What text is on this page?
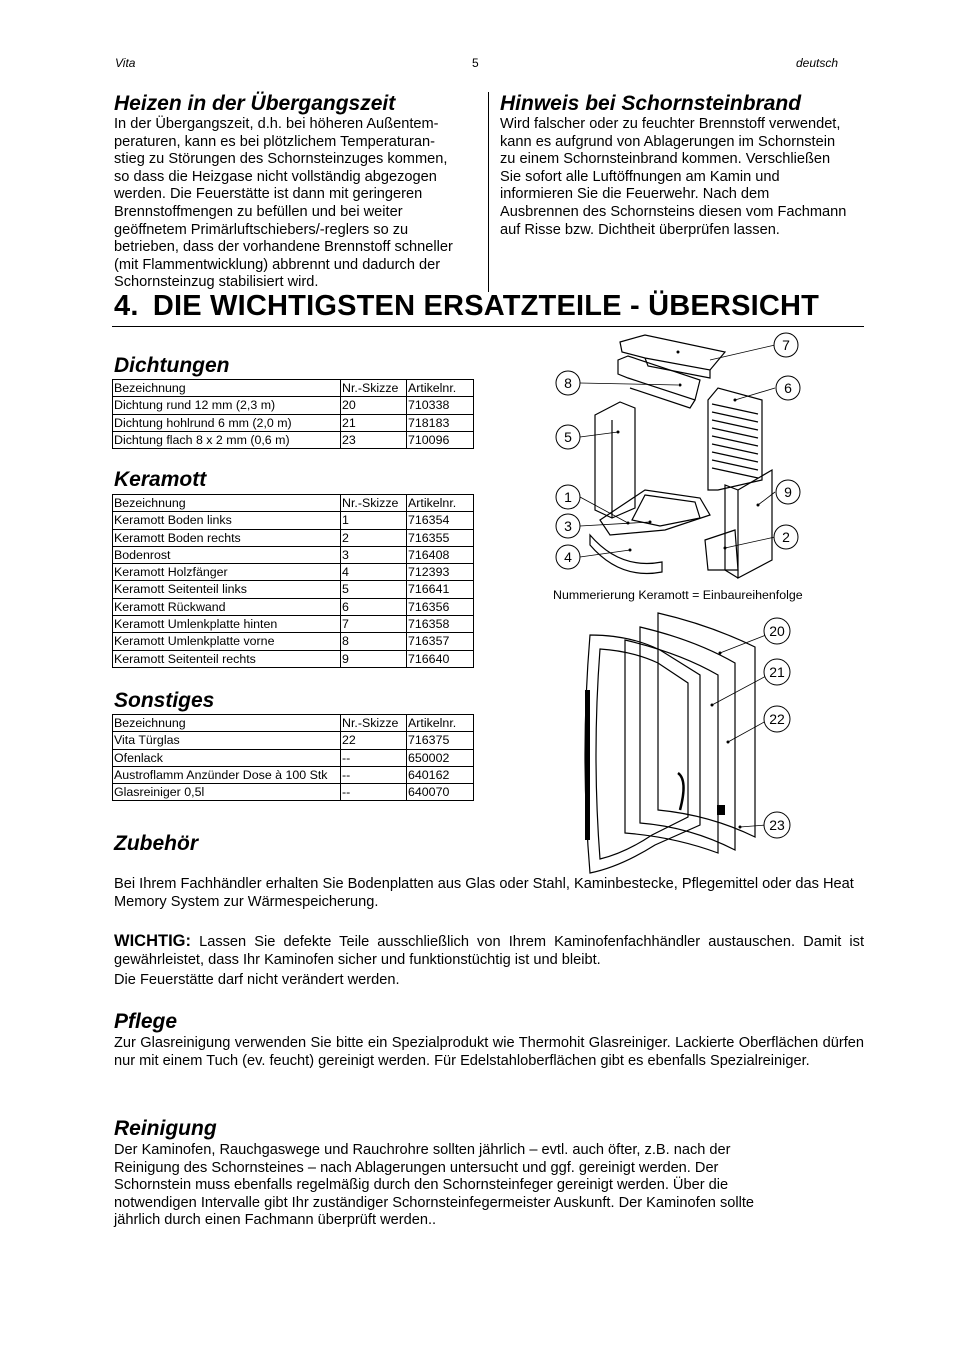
Vita	5	deutsch
Heizen in der Übergangszeit
In der Übergangszeit, d.h. bei höheren Außentem-
peraturen, kann es bei plötzlichem Temperaturan-
stieg zu Störungen des Schornsteinzuges kommen,
so dass die Heizgase nicht vollständig abgezogen
werden. Die Feuerstätte ist dann mit geringeren
Brennstoffmengen zu befüllen und bei weiter
geöffnetem Primärluftschiebers/-reglers so zu
betrieben, dass der vorhandene Brennstoff schneller
(mit Flammentwicklung) abbrennt und dadurch der
Schornsteinzug stabilisiert wird.
Hinweis bei Schornsteinbrand
Wird falscher oder zu feuchter Brennstoff verwendet,
kann es aufgrund von Ablagerungen im Schornstein
zu einem Schornsteinbrand kommen. Verschließen
Sie sofort alle Luftöffnungen am Kamin und
informieren Sie die Feuerwehr. Nach dem
Ausbrennen des Schornsteins diesen vom Fachmann
auf Risse bzw. Dichtheit überprüfen lassen.
4. DIE WICHTIGSTEN ERSATZTEILE - ÜBERSICHT
Dichtungen
Bezeichnung	Nr.-Skizze	Artikelnr.
Dichtung rund 12 mm (2,3 m)	20	710338
Dichtung hohlrund 6 mm (2,0 m)	21	718183
Dichtung flach 8 x 2 mm (0,6 m)	23	710096
Keramott
Bezeichnung	Nr.-Skizze	Artikelnr.
Keramott Boden links	1	716354
Keramott Boden rechts	2	716355
Bodenrost	3	716408
Keramott Holzfänger	4	712393
Keramott Seitenteil links	5	716641
Keramott Rückwand	6	716356
Keramott Umlenkplatte hinten	7	716358
Keramott Umlenkplatte vorne	8	716357
Keramott Seitenteil rechts	9	716640
Sonstiges
Bezeichnung	Nr.-Skizze	Artikelnr.
Vita Türglas	22	716375
Ofenlack	--	650002
Austroflamm Anzünder Dose à 100 Stk	--	640162
Glasreiniger 0,5l	--	640070
7
8	6
5
9
1
3
2
4
Nummerierung Keramott = Einbaureihenfolge
20
21
22
23
Zubehör
Bei Ihrem Fachhändler erhalten Sie Bodenplatten aus Glas oder Stahl, Kaminbestecke, Pflegemittel oder das Heat Memory System zur Wärmespeicherung.
WICHTIG: Lassen Sie defekte Teile ausschließlich von Ihrem Kaminofenfachhändler austauschen. Damit ist gewährleistet, dass Ihr Kaminofen sicher und funktionstüchtig ist und bleibt.
Die Feuerstätte darf nicht verändert werden.
Pflege
Zur Glasreinigung verwenden Sie bitte ein Spezialprodukt wie Thermohit Glasreiniger. Lackierte Oberflächen dürfen nur mit einem Tuch (ev. feucht) gereinigt werden. Für Edelstahloberflächen gibt es ebenfalls Spezialreiniger.
Reinigung
Der Kaminofen, Rauchgaswege und Rauchrohre sollten jährlich – evtl. auch öfter, z.B. nach der
Reinigung des Schornsteines – nach Ablagerungen untersucht und ggf. gereinigt werden. Der
Schornstein muss ebenfalls regelmäßig durch den Schornsteinfeger gereinigt werden. Über die
notwendigen Intervalle gibt Ihr zuständiger Schornsteinfegermeister Auskunft. Der Kaminofen sollte
jährlich durch einen Fachmann überprüft werden..
